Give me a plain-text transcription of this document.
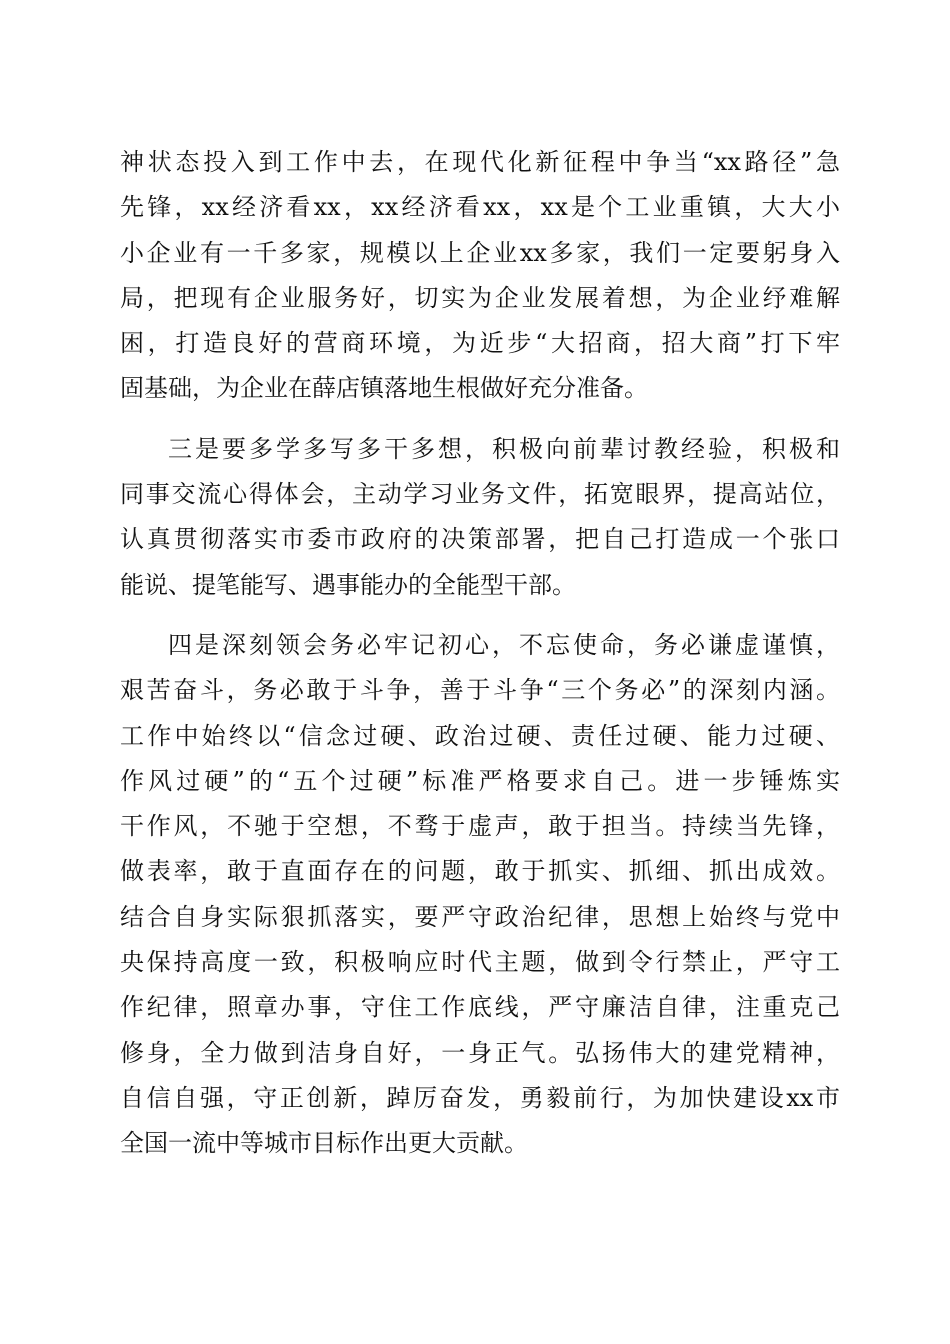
神状态投入到工作中去，在现代化新征程中争当“xx路径”急
先锋，xx经济看xx，xx经济看xx，xx是个工业重镇，大大小
小企业有一千多家，规模以上企业xx多家，我们一定要躬身入
局，把现有企业服务好，切实为企业发展着想，为企业纾难解
困，打造良好的营商环境，为近步“大招商，招大商”打下牢
固基础，为企业在薛店镇落地生根做好充分准备。
三是要多学多写多干多想，积极向前辈讨教经验，积极和
同事交流心得体会，主动学习业务文件，拓宽眼界，提高站位，
认真贯彻落实市委市政府的决策部署，把自己打造成一个张口
能说、提笔能写、遇事能办的全能型干部。
四是深刻领会务必牢记初心，不忘使命，务必谦虚谨慎，
艰苦奋斗，务必敢于斗争，善于斗争“三个务必”的深刻内涵。
工作中始终以“信念过硬、政治过硬、责任过硬、能力过硬、
作风过硬”的“五个过硬”标准严格要求自己。进一步锤炼实
干作风，不驰于空想，不骛于虚声，敢于担当。持续当先锋，
做表率，敢于直面存在的问题，敢于抓实、抓细、抓出成效。
结合自身实际狠抓落实，要严守政治纪律，思想上始终与党中
央保持高度一致，积极响应时代主题，做到令行禁止，严守工
作纪律，照章办事，守住工作底线，严守廉洁自律，注重克己
修身，全力做到洁身自好，一身正气。弘扬伟大的建党精神，
自信自强，守正创新，踔厉奋发，勇毅前行，为加快建设xx市
全国一流中等城市目标作出更大贡献。
